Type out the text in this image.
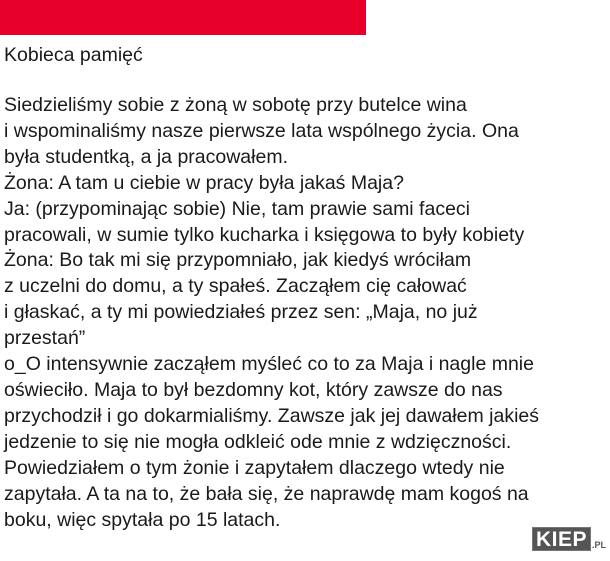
Kobieca pamięć
Siedzieliśmy sobie z żoną w sobotę przy butelce wina
i wspominaliśmy nasze pierwsze lata wspólnego życia. Ona
była studentką, a ja pracowałem.
Żona: A tam u ciebie w pracy była jakaś Maja?
Ja: (przypominając sobie) Nie, tam prawie sami faceci
pracowali, w sumie tylko kucharka i księgowa to były kobiety
Żona: Bo tak mi się przypomniało, jak kiedyś wróciłam
z uczelni do domu, a ty spałeś. Zacząłem cię całować
i głaskać, a ty mi powiedziałeś przez sen: „Maja, no już
przestań”
o_O intensywnie zacząłem myśleć co to za Maja i nagle mnie
oświeciło. Maja to był bezdomny kot, który zawsze do nas
przychodził i go dokarmialiśmy. Zawsze jak jej dawałem jakieś
jedzenie to się nie mogła odkleić ode mnie z wdzięczności.
Powiedziałem o tym żonie i zapytałem dlaczego wtedy nie
zapytała. A ta na to, że bała się, że naprawdę mam kogoś na
boku, więc spytała po 15 latach.
KIEP .PL
